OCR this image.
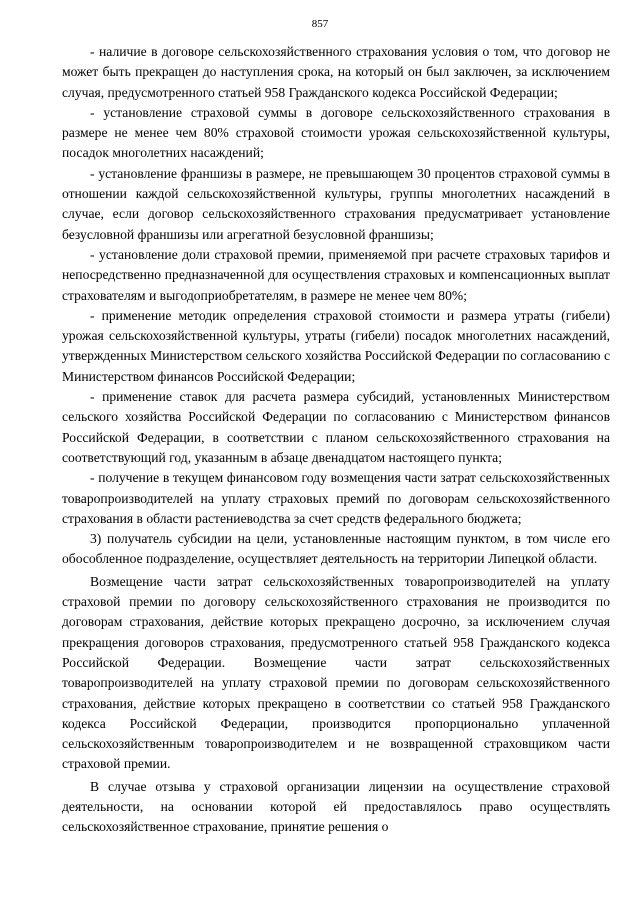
857

- наличие в договоре сельскохозяйственного страхования условия о том, что договор не может быть прекращен до наступления срока, на который он был заключен, за исключением случая, предусмотренного статьей 958 Гражданского кодекса Российской Федерации;

- установление страховой суммы в договоре сельскохозяйственного страхования в размере не менее чем 80% страховой стоимости урожая сельскохозяйственной культуры, посадок многолетних насаждений;

- установление франшизы в размере, не превышающем 30 процентов страховой суммы в отношении каждой сельскохозяйственной культуры, группы многолетних насаждений в случае, если договор сельскохозяйственного страхования предусматривает установление безусловной франшизы или агрегатной безусловной франшизы;

- установление доли страховой премии, применяемой при расчете страховых тарифов и непосредственно предназначенной для осуществления страховых и компенсационных выплат страхователям и выгодоприобретателям, в размере не менее чем 80%;

- применение методик определения страховой стоимости и размера утраты (гибели) урожая сельскохозяйственной культуры, утраты (гибели) посадок многолетних насаждений, утвержденных Министерством сельского хозяйства Российской Федерации по согласованию с Министерством финансов Российской Федерации;

- применение ставок для расчета размера субсидий, установленных Министерством сельского хозяйства Российской Федерации по согласованию с Министерством финансов Российской Федерации, в соответствии с планом сельскохозяйственного страхования на соответствующий год, указанным в абзаце двенадцатом настоящего пункта;

- получение в текущем финансовом году возмещения части затрат сельскохозяйственных товаропроизводителей на уплату страховых премий по договорам сельскохозяйственного страхования в области растениеводства за счет средств федерального бюджета;

3) получатель субсидии на цели, установленные настоящим пунктом, в том числе его обособленное подразделение, осуществляет деятельность на территории Липецкой области.

Возмещение части затрат сельскохозяйственных товаропроизводителей на уплату страховой премии по договору сельскохозяйственного страхования не производится по договорам страхования, действие которых прекращено досрочно, за исключением случая прекращения договоров страхования, предусмотренного статьей 958 Гражданского кодекса Российской Федерации. Возмещение части затрат сельскохозяйственных товаропроизводителей на уплату страховой премии по договорам сельскохозяйственного страхования, действие которых прекращено в соответствии со статьей 958 Гражданского кодекса Российской Федерации, производится пропорционально уплаченной сельскохозяйственным товаропроизводителем и не возвращенной страховщиком части страховой премии.

В случае отзыва у страховой организации лицензии на осуществление страховой деятельности, на основании которой ей предоставлялось право осуществлять сельскохозяйственное страхование, принятие решения о
